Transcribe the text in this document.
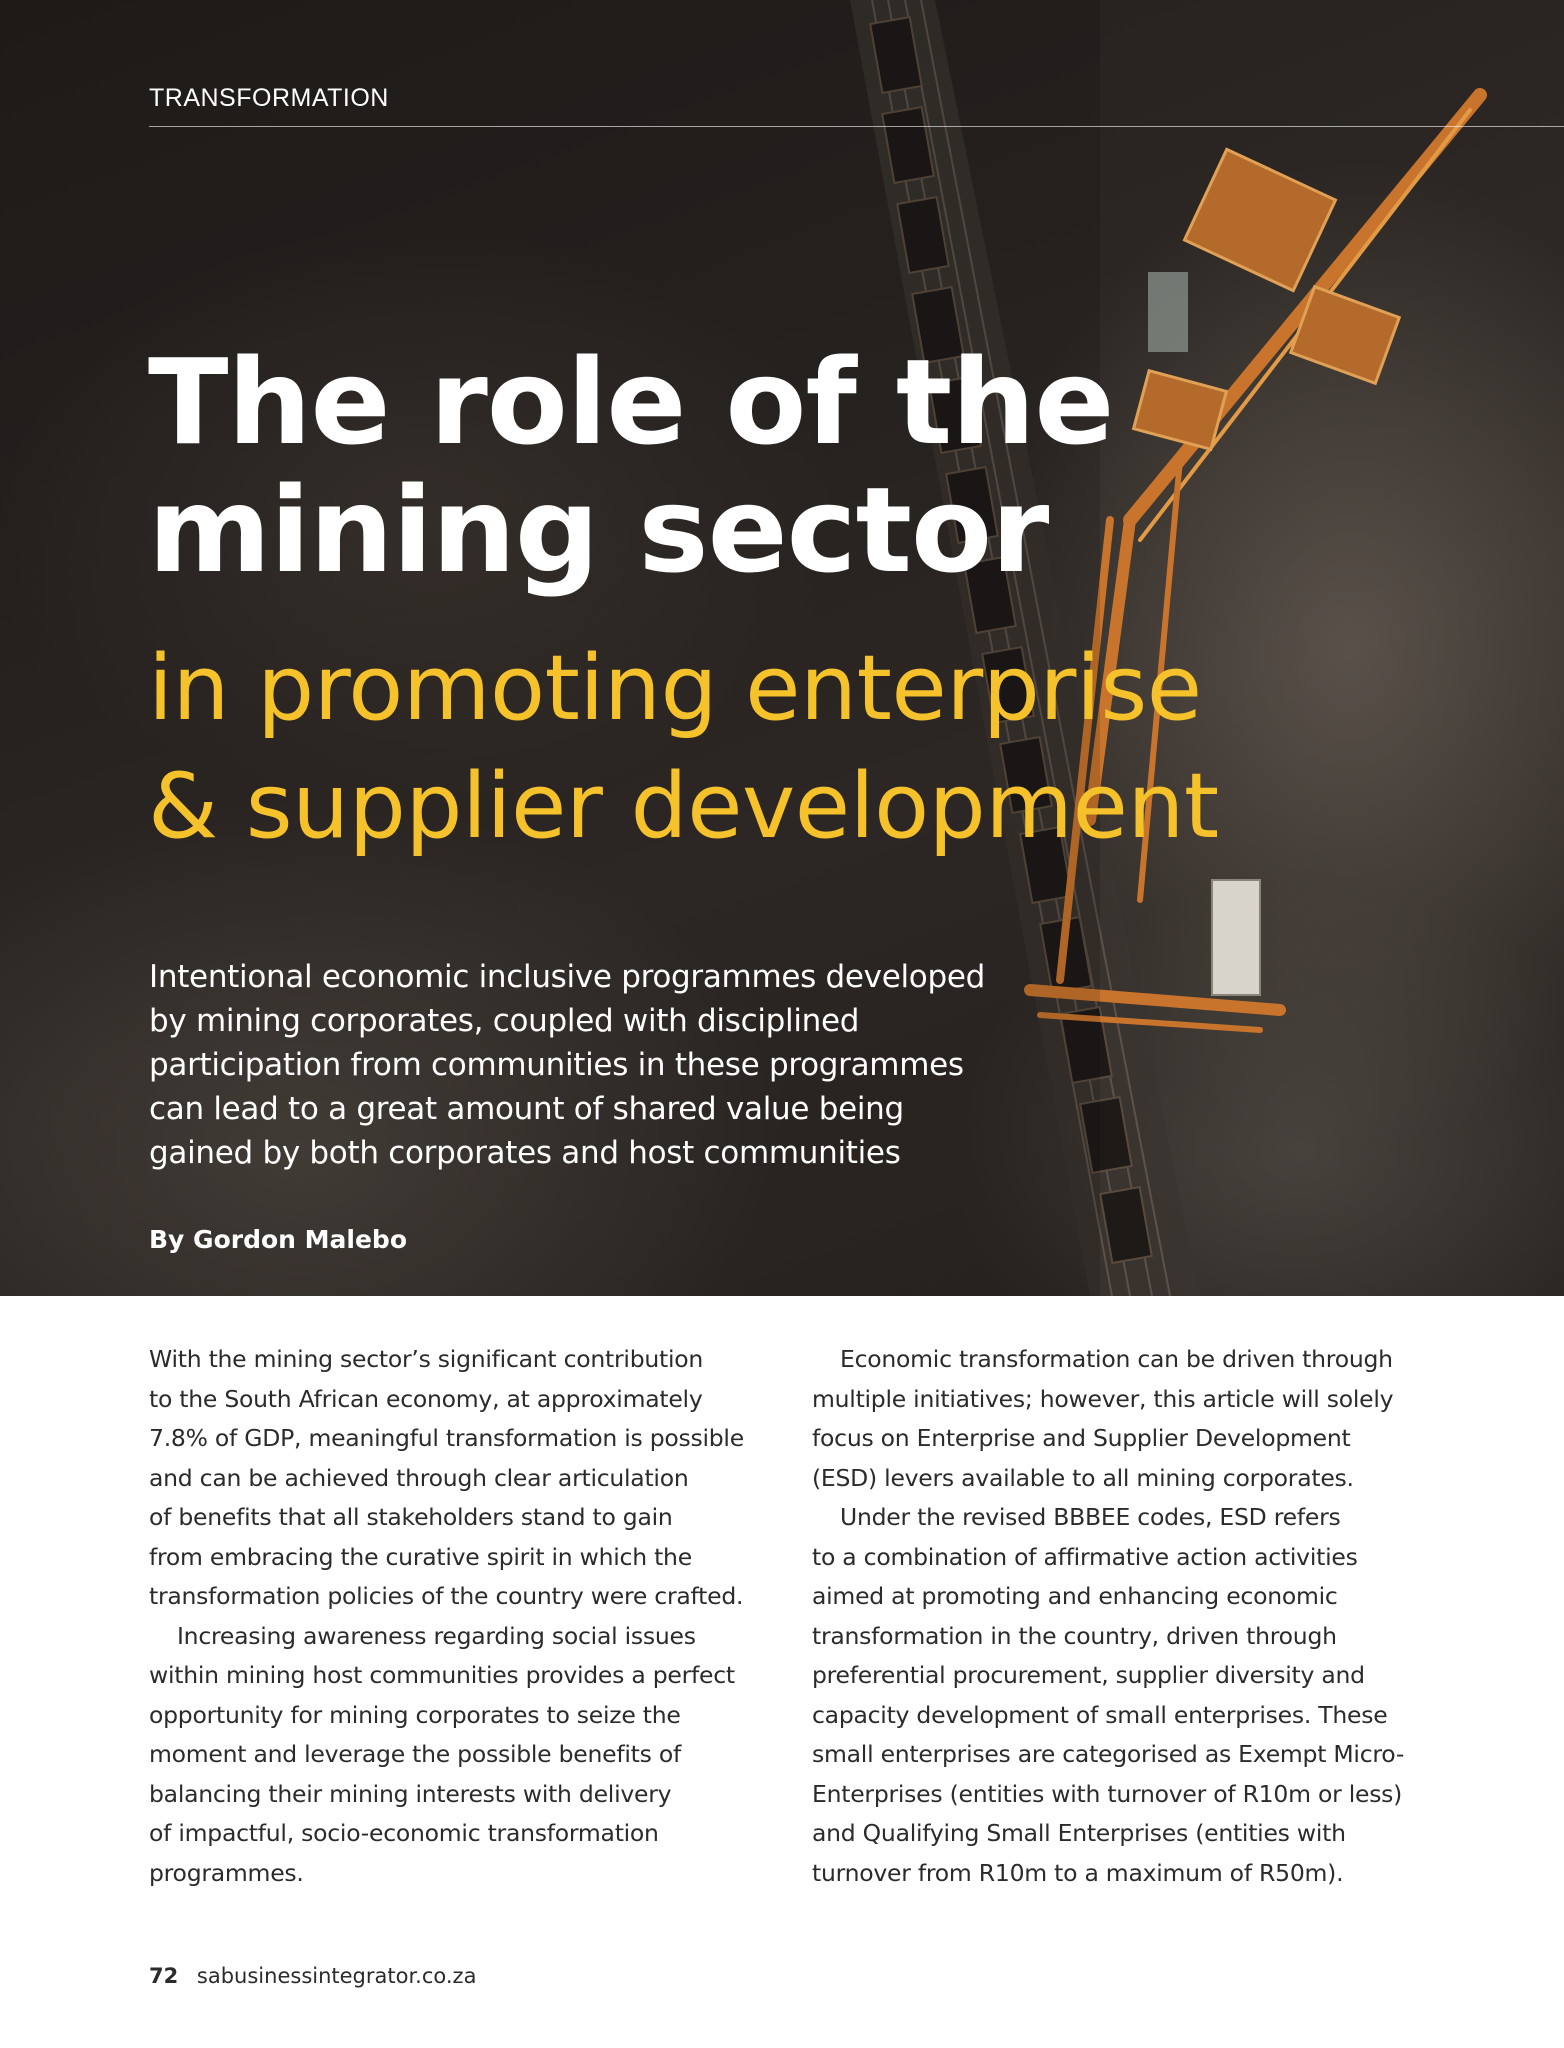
TRANSFORMATION
The role of the
mining sector
in promoting enterprise
& supplier development

Intentional economic inclusive programmes developed
by mining corporates, coupled with disciplined
participation from communities in these programmes
can lead to a great amount of shared value being
gained by both corporates and host communities

By Gordon Malebo

With the mining sector’s significant contribution
to the South African economy, at approximately
7.8% of GDP, meaningful transformation is possible
and can be achieved through clear articulation
of benefits that all stakeholders stand to gain
from embracing the curative spirit in which the
transformation policies of the country were crafted.

Increasing awareness regarding social issues
within mining host communities provides a perfect
opportunity for mining corporates to seize the
moment and leverage the possible benefits of
balancing their mining interests with delivery
of impactful, socio-economic transformation
programmes.

Economic transformation can be driven through
multiple initiatives; however, this article will solely
focus on Enterprise and Supplier Development
(ESD) levers available to all mining corporates.

Under the revised BBBEE codes, ESD refers
to a combination of affirmative action activities
aimed at promoting and enhancing economic
transformation in the country, driven through
preferential procurement, supplier diversity and
capacity development of small enterprises. These
small enterprises are categorised as Exempt Micro-
Enterprises (entities with turnover of R10m or less)
and Qualifying Small Enterprises (entities with
turnover from R10m to a maximum of R50m).

72 sabusinessintegrator.co.za
